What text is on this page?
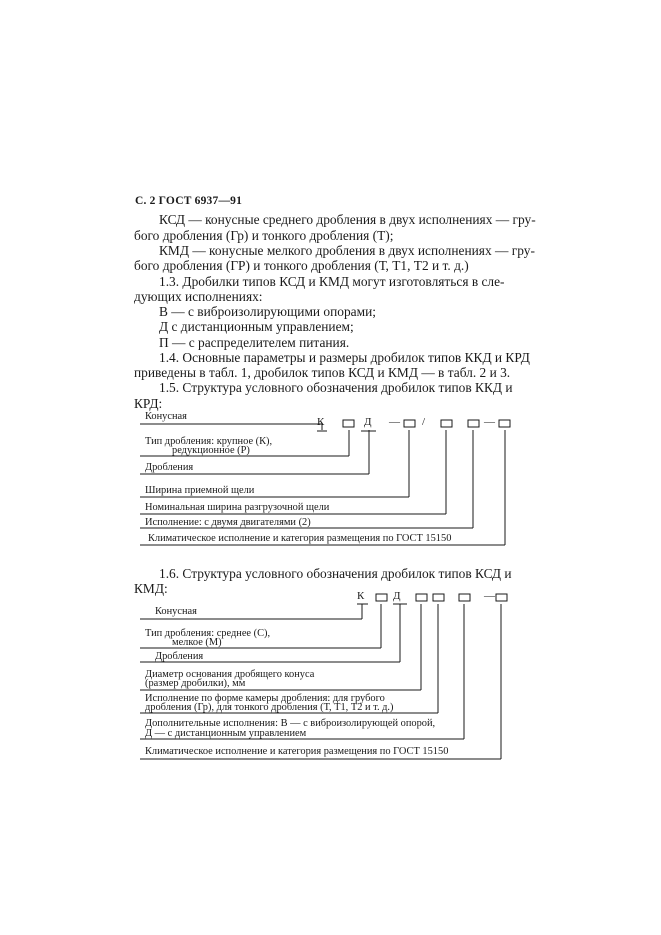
С. 2 ГОСТ 6937—91
КСД — конусные среднего дробления в двух исполнениях — гру-
бого дробления (Гр) и тонкого дробления (Т);
КМД — конусные мелкого дробления в двух исполнениях — гру-
бого дробления (ГР) и тонкого дробления (Т, Т1, Т2 и т. д.)
1.3. Дробилки типов КСД и КМД могут изготовляться в сле-
дующих исполнениях:
В — с виброизолирующими опорами;
Д с дистанционным управлением;
П — с распределителем питания.
1.4. Основные параметры и размеры дробилок типов ККД и КРД
приведены в табл. 1, дробилок типов КСД и КМД — в табл. 2 и 3.
1.5. Структура условного обозначения дробилок типов ККД и
КРД:
К	Д — /	—
Конусная
Тип дробления: крупное (К),
редукционное (Р)
Дробления
Ширина приемной щели
Номинальная ширина разгрузочной щели
Исполнение: с двумя двигателями (2)
Климатическое исполнение и категория размещения по ГОСТ 15150
1.6. Структура условного обозначения дробилок типов КСД и
КМД:	К	Д	—
Конусная
Тип дробления: среднее (С),
мелкое (М)
Дробления
Диаметр основания дробящего конуса
(размер дробилки), мм
Исполнение по форме камеры дробления: для грубого
дробления (Гр), для тонкого дробления (Т, Т1, Т2 и т. д.)
Дополнительные исполнения: В — с виброизолирующей опорой,
Д — с дистанционным управлением
Климатическое исполнение и категория размещения по ГОСТ 15150
